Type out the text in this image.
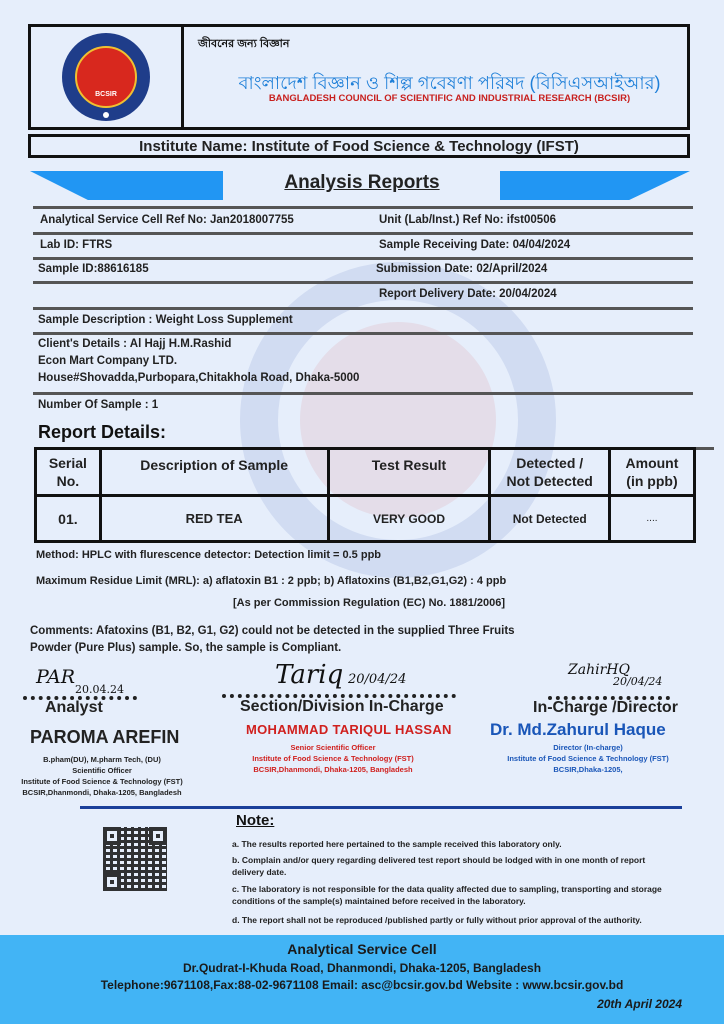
BCSIR
জীবনের জন্য বিজ্ঞান
বাংলাদেশ বিজ্ঞান ও শিল্প গবেষণা পরিষদ (বিসিএসআইআর)
BANGLADESH COUNCIL OF SCIENTIFIC AND INDUSTRIAL RESEARCH (BCSIR)
Institute Name: Institute of Food Science & Technology (IFST)
Analysis Reports
Analytical Service Cell Ref No: Jan2018007755	Unit (Lab/Inst.) Ref No: ifst00506
Lab ID: FTRS	Sample Receiving Date: 04/04/2024
Sample ID:88616185	Submission Date: 02/April/2024
Report Delivery Date: 20/04/2024
Sample Description : Weight Loss Supplement
Client's Details : Al Hajj H.M.Rashid
Econ Mart Company LTD.
House#Shovadda,Purbopara,Chitakhola Road, Dhaka-5000
Number Of Sample : 1
Report Details:
Serial
No.	Description of Sample	Test Result	Detected /
Not Detected	Amount
(in ppb)
01.	RED TEA	VERY GOOD	Not Detected	....
Method: HPLC with flurescence detector: Detection limit = 0.5 ppb
Maximum Residue Limit (MRL): a) aflatoxin B1 : 2 ppb; b) Aflatoxins (B1,B2,G1,G2) : 4 ppb
[As per Commission Regulation (EC) No. 1881/2006]
Comments: Afatoxins (B1, B2, G1, G2) could not be detected in the supplied Three Fruits Powder (Pure Plus) sample. So, the sample is Compliant.
PAR
20.04.24
Analyst
PAROMA AREFIN
B.pham(DU), M.pharm Tech, (DU)
Scientific Officer
Institute of Food Science & Technology (FST)
BCSIR,Dhanmondi, Dhaka-1205, Bangladesh
Tariq 20/04/24
Section/Division In-Charge
MOHAMMAD TARIQUL HASSAN
Senior Scientific Officer
Institute of Food Science & Technology (FST)
BCSIR,Dhanmondi, Dhaka-1205, Bangladesh
ZahirHQ
20/04/24
In-Charge /Director
Dr. Md.Zahurul Haque
Director (In-charge)
Institute of Food Science & Technology (FST)
BCSIR,Dhaka-1205,
Note:
a. The results reported here pertained to the sample received this laboratory only.
b. Complain and/or query regarding delivered test report should be lodged with in one month of report delivery date.
c. The laboratory is not responsible for the data quality affected due to sampling, transporting and storage conditions of the sample(s) maintained before received in the laboratory.
d. The report shall not be reproduced /published partly or fully without prior approval of the authority.
Analytical Service Cell
Dr.Qudrat-I-Khuda Road, Dhanmondi, Dhaka-1205, Bangladesh
Telephone:9671108,Fax:88-02-9671108 Email: asc@bcsir.gov.bd Website : www.bcsir.gov.bd
20th April 2024
